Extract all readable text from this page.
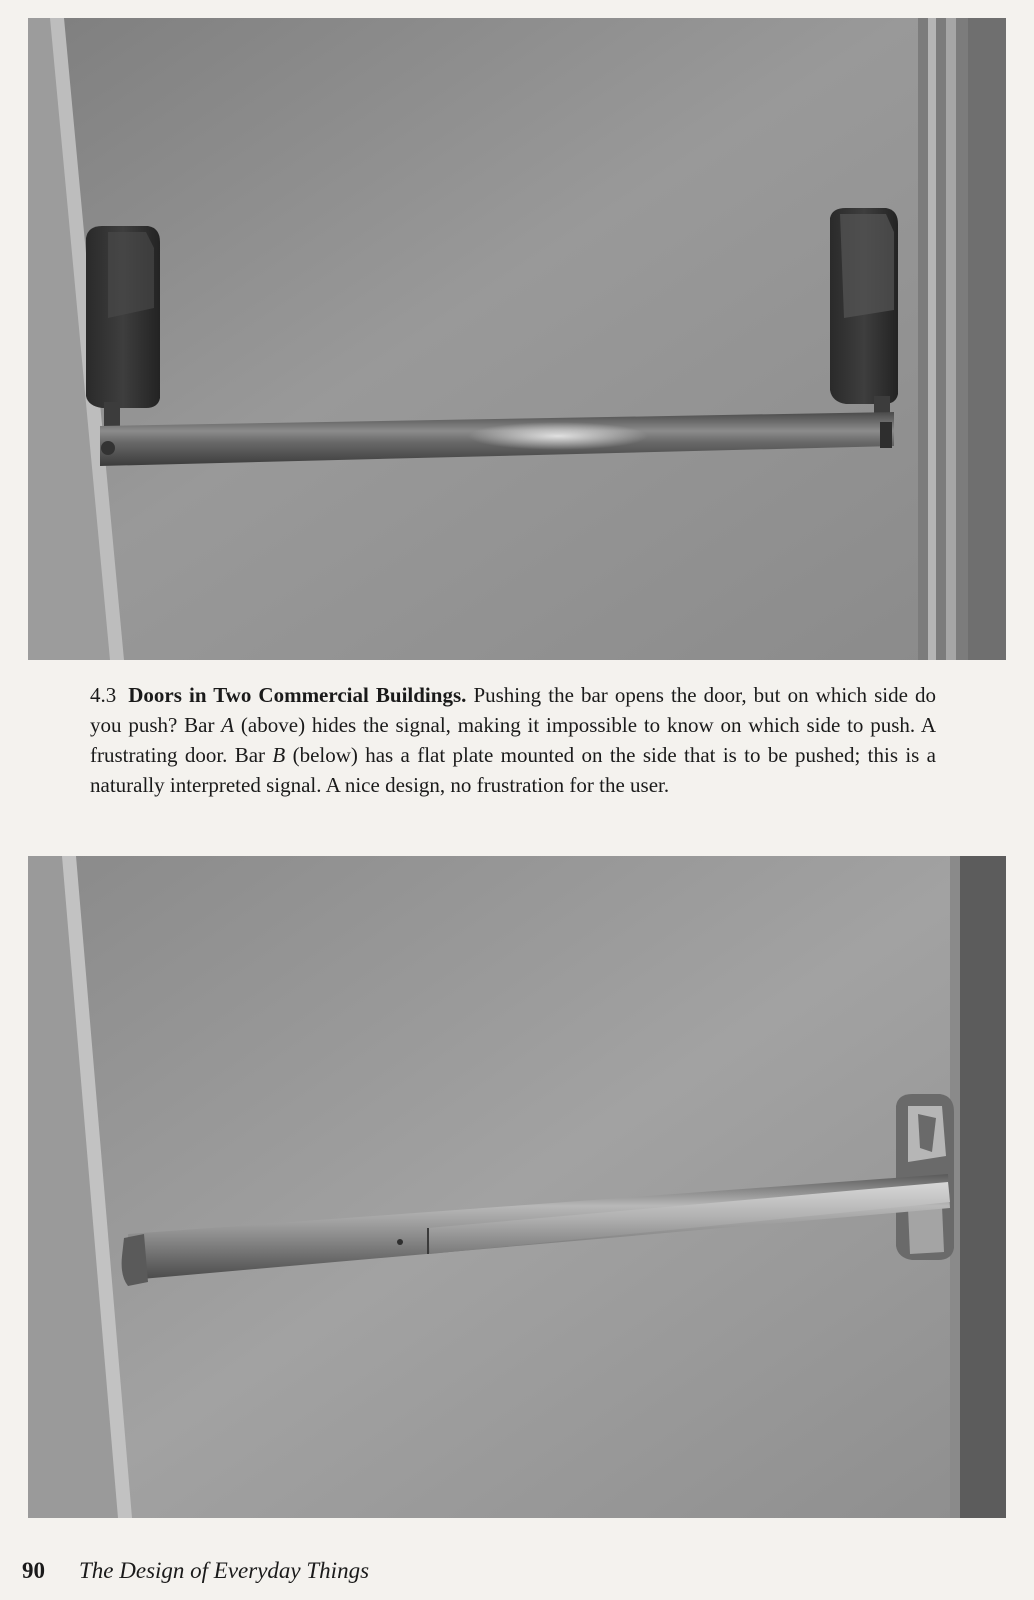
4.3 Doors in Two Commercial Buildings. Pushing the bar opens the door, but on which side do you push? Bar A (above) hides the signal, making it impossible to know on which side to push. A frustrating door. Bar B (below) has a flat plate mounted on the side that is to be pushed; this is a naturally interpreted signal. A nice design, no frustration for the user.
90 The Design of Everyday Things
